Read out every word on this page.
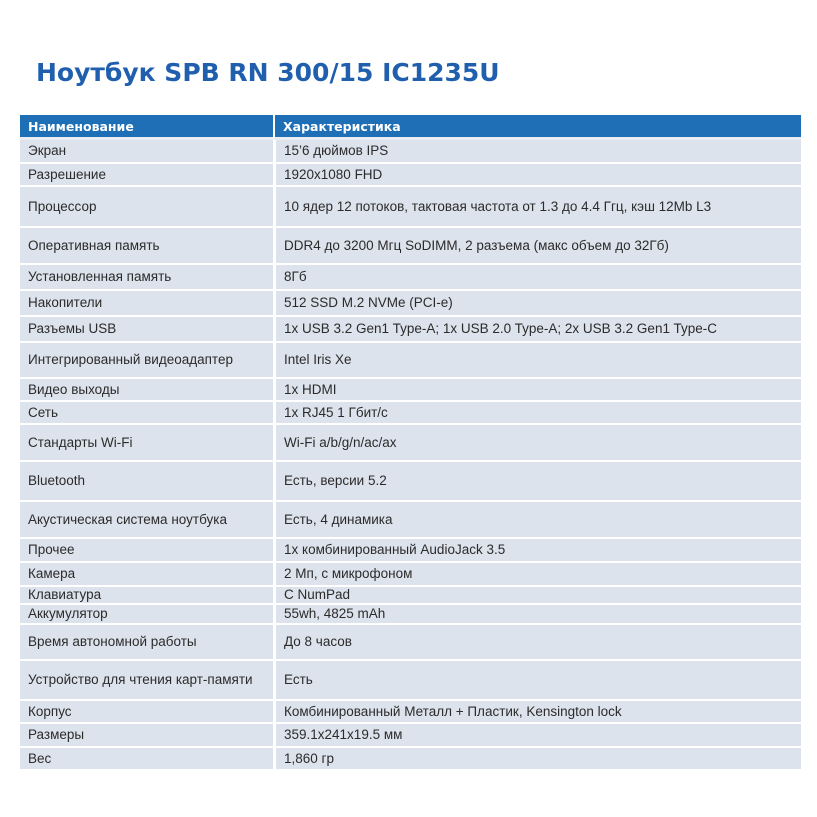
Ноутбук SPB RN 300/15 IC1235U
Наименование	Характеристика
Экран	15’6 дюймов IPS
Разрешение	1920x1080 FHD
Процессор	10 ядер 12 потоков, тактовая частота от 1.3 до 4.4 Ггц, кэш 12Mb L3
Оперативная память	DDR4 до 3200 Мгц SoDIMM, 2 разъема (макс объем до 32Гб)
Установленная память	8Гб
Накопители	512 SSD M.2 NVMe (PCI-e)
Разъемы USB	1x USB 3.2 Gen1 Type-A; 1x USB 2.0 Type-A; 2x USB 3.2 Gen1 Type-C
Интегрированный видеоадаптер	Intel Iris Xe
Видео выходы	1x HDMI
Сеть	1x RJ45 1 Гбит/с
Стандарты Wi-Fi	Wi-Fi a/b/g/n/ac/ax
Bluetooth	Есть, версии 5.2
Акустическая система ноутбука	Есть, 4 динамика
Прочее	1x комбинированный AudioJack 3.5
Камера	2 Мп, с микрофоном
Клавиатура	С NumPad
Аккумулятор	55wh, 4825 mAh
Время автономной работы	До 8 часов
Устройство для чтения карт-памяти	Есть
Корпус	Комбинированный Металл + Пластик, Kensington lock
Размеры	359.1x241x19.5 мм
Вес	1,860 гр
